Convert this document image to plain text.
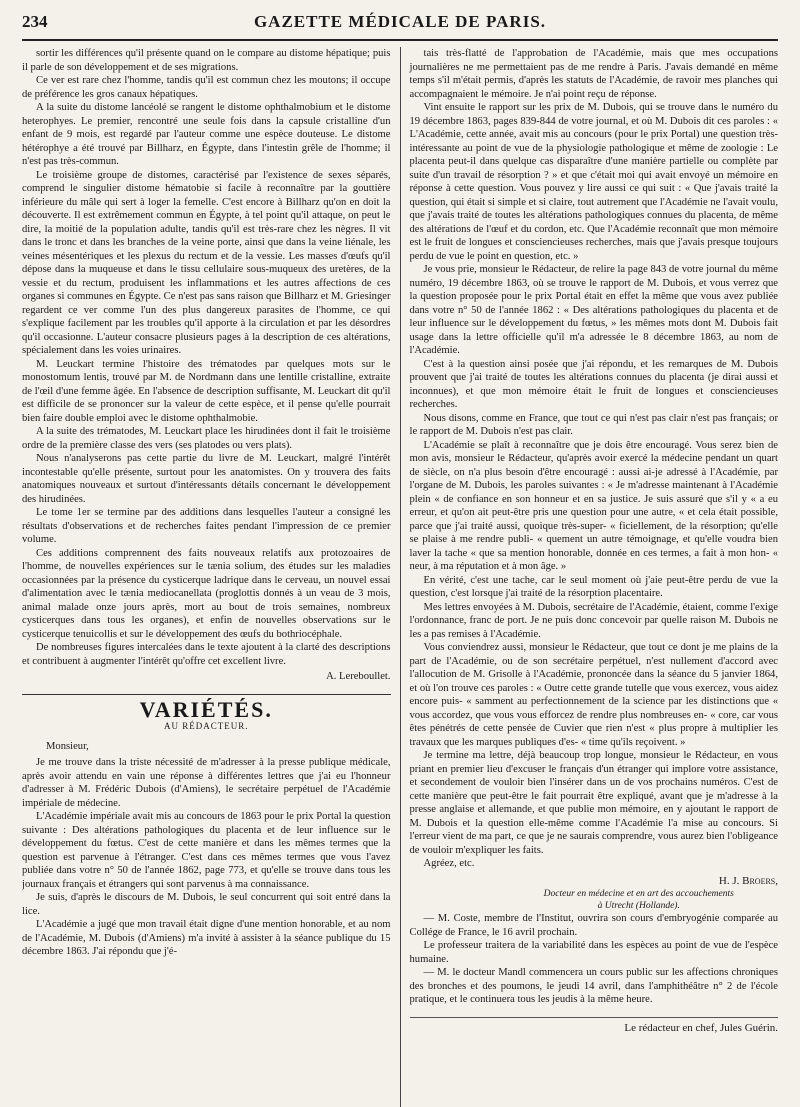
234	GAZETTE MÉDICALE DE PARIS.

sortir les différences qu'il présente quand on le compare au distome hépatique; puis il parle de son développement et de ses migrations.

Ce ver est rare chez l'homme, tandis qu'il est commun chez les moutons; il occupe de préférence les gros canaux hépatiques.

A la suite du distome lancéolé se rangent le distome ophthalmobium et le distome heterophyes. Le premier, rencontré une seule fois dans la capsule cristalline d'un enfant de 9 mois, est regardé par l'auteur comme une espèce douteuse. Le distome hétérophye a été trouvé par Billharz, en Égypte, dans l'intestin grêle de l'homme; il n'est pas très-commun.

Le troisième groupe de distomes, caractérisé par l'existence de sexes séparés, comprend le singulier distome hématobie si facile à reconnaître par la gouttière inférieure du mâle qui sert à loger la femelle. C'est encore à Billharz qu'on en doit la découverte. Il est extrêmement commun en Égypte, à tel point qu'il attaque, on peut le dire, la moitié de la population adulte, tandis qu'il est très-rare chez les nègres. Il vit dans le tronc et dans les branches de la veine porte, ainsi que dans la veine liénale, les veines mésentériques et les plexus du rectum et de la vessie. Les masses d'œufs qu'il dépose dans la muqueuse et dans le tissu cellulaire sous-muqueux des uretères, de la vessie et du rectum, produisent les inflammations et les autres affections de ces organes si communes en Égypte. Ce n'est pas sans raison que Billharz et M. Griesinger regardent ce ver comme l'un des plus dangereux parasites de l'homme, ce qui s'explique facilement par les troubles qu'il apporte à la circulation et par les désordres qu'il occasionne. L'auteur consacre plusieurs pages à la description de ces altérations, spécialement dans les voies urinaires.

M. Leuckart termine l'histoire des trématodes par quelques mots sur le monostomum lentis, trouvé par M. de Nordmann dans une lentille cristalline, extraite de l'œil d'une femme âgée. En l'absence de description suffisante, M. Leuckart dit qu'il est difficile de se prononcer sur la valeur de cette espèce, et il pense qu'elle pourrait bien faire double emploi avec le distome ophthalmobie.

A la suite des trématodes, M. Leuckart place les hirudinées dont il fait le troisième ordre de la première classe des vers (ses platodes ou vers plats).

Nous n'analyserons pas cette partie du livre de M. Leuckart, malgré l'intérêt incontestable qu'elle présente, surtout pour les anatomistes. On y trouvera des faits anatomiques nouveaux et surtout d'intéressants détails concernant le développement des hirudinées.

Le tome 1er se termine par des additions dans lesquelles l'auteur a consigné les résultats d'observations et de recherches faites pendant l'impression de ce premier volume.

Ces additions comprennent des faits nouveaux relatifs aux protozoaires de l'homme, de nouvelles expériences sur le tænia solium, des études sur les maladies occasionnées par la présence du cysticerque ladrique dans le cerveau, un nouvel essai d'alimentation avec le tænia mediocanellata (proglottis donnés à un veau de 3 mois, animal malade onze jours après, mort au bout de trois semaines, nombreux cysticerques dans tous les organes), et enfin de nouvelles observations sur le cysticerque tenuicollis et sur le développement des œufs du bothriocéphale.

De nombreuses figures intercalées dans le texte ajoutent à la clarté des descriptions et contribuent à augmenter l'intérêt qu'offre cet excellent livre.

A. Lereboullet.
VARIÉTÉS.
AU RÉDACTEUR.

Monsieur,

Je me trouve dans la triste nécessité de m'adresser à la presse publique médicale, après avoir attendu en vain une réponse à différentes lettres que j'ai eu l'honneur d'adresser à M. Frédéric Dubois (d'Amiens), le secrétaire perpétuel de l'Académie impériale de médecine.

L'Académie impériale avait mis au concours de 1863 pour le prix Portal la question suivante : Des altérations pathologiques du placenta et de leur influence sur le développement du fœtus. C'est de cette manière et dans les mêmes termes que la question est parvenue à l'étranger. C'est dans ces mêmes termes que vous l'avez publiée dans votre n° 50 de l'année 1862, page 773, et qu'elle se trouve dans tous les journaux français et étrangers qui sont parvenus à ma connaissance.

Je suis, d'après le discours de M. Dubois, le seul concurrent qui soit entré dans la lice.

L'Académie a jugé que mon travail était digne d'une mention honorable, et au nom de l'Académie, M. Dubois (d'Amiens) m'a invité à assister à la séance publique du 15 décembre 1863. J'ai répondu que j'é-

tais très-flatté de l'approbation de l'Académie, mais que mes occupations journalières ne me permettaient pas de me rendre à Paris. J'avais demandé en même temps s'il m'était permis, d'après les statuts de l'Académie, de ravoir mes planches qui accompagnaient le mémoire. Je n'ai point reçu de réponse.

Vint ensuite le rapport sur les prix de M. Dubois, qui se trouve dans le numéro du 19 décembre 1863, pages 839-844 de votre journal, et où M. Dubois dit ces paroles : « L'Académie, cette année, avait mis au concours (pour le prix Portal) une question très-intéressante au point de vue de la physiologie pathologique et même de zoologie : Le placenta peut-il dans quelque cas disparaître d'une manière partielle ou complète par suite d'un travail de résorption ? » et que c'était moi qui avait envoyé un mémoire en réponse à cette question. Vous pouvez y lire aussi ce qui suit : « Que j'avais traité la question, qui était si simple et si claire, tout autrement que l'Académie ne l'avait voulu, que j'avais traité de toutes les altérations pathologiques connues du placenta, de même des altérations de l'œuf et du cordon, etc. Que l'Académie reconnaît que mon mémoire est le fruit de longues et consciencieuses recherches, mais que j'avais presque toujours perdu de vue le point en question, etc. »

Je vous prie, monsieur le Rédacteur, de relire la page 843 de votre journal du même numéro, 19 décembre 1863, où se trouve le rapport de M. Dubois, et vous verrez que la question proposée pour le prix Portal était en effet la même que vous avez publiée dans votre n° 50 de l'année 1862 : « Des altérations pathologiques du placenta et de leur influence sur le développement du fœtus, » les mêmes mots dont M. Dubois fait usage dans la lettre officielle qu'il m'a adressée le 8 décembre 1863, au nom de l'Académie.

C'est à la question ainsi posée que j'ai répondu, et les remarques de M. Dubois prouvent que j'ai traité de toutes les altérations connues du placenta (je dirai aussi et inconnues), et que mon mémoire était le fruit de longues et consciencieuses recherches.

Nous disons, comme en France, que tout ce qui n'est pas clair n'est pas français; or le rapport de M. Dubois n'est pas clair.

L'Académie se plaît à reconnaître que je dois être encouragé. Vous serez bien de mon avis, monsieur le Rédacteur, qu'après avoir exercé la médecine pendant un quart de siècle, on n'a plus besoin d'être encouragé : aussi ai-je adressé à l'Académie, par l'organe de M. Dubois, les paroles suivantes : « Je m'adresse maintenant à l'Académie plein « de confiance en son honneur et en sa justice. Je suis assuré que s'il y « a eu erreur, et qu'on ait peut-être pris une question pour une autre, « et cela était possible, parce que j'ai traité aussi, quoique très-super- « ficiellement, de la résorption; qu'elle se plaise à me rendre publi- « quement un autre témoignage, et qu'elle voudra bien laver la tache « que sa mention honorable, donnée en ces termes, a fait à mon hon- « neur, à ma réputation et à mon âge. »

En vérité, c'est une tache, car le seul moment où j'aie peut-être perdu de vue la question, c'est lorsque j'ai traité de la résorption placentaire.

Mes lettres envoyées à M. Dubois, secrétaire de l'Académie, étaient, comme l'exige l'ordonnance, franc de port. Je ne puis donc concevoir par quelle raison M. Dubois ne les a pas remises à l'Académie.

Vous conviendrez aussi, monsieur le Rédacteur, que tout ce dont je me plains de la part de l'Académie, ou de son secrétaire perpétuel, n'est nullement d'accord avec l'allocution de M. Grisolle à l'Académie, prononcée dans la séance du 5 janvier 1864, et où l'on trouve ces paroles : « Outre cette grande tutelle que vous exercez, vous aidez encore puis- « samment au perfectionnement de la science par les distinctions que « vous accordez, que vous vous efforcez de rendre plus nombreuses en- « core, car vous êtes pénétrés de cette pensée de Cuvier que rien n'est « plus propre à multiplier les travaux que les marques publiques d'es- « time qu'ils reçoivent. »

Je termine ma lettre, déjà beaucoup trop longue, monsieur le Rédacteur, en vous priant en premier lieu d'excuser le français d'un étranger qui implore votre assistance, et secondement de vouloir bien l'insérer dans un de vos prochains numéros. C'est de cette manière que peut-être le fait pourrait être expliqué, avant que je m'adresse à la presse anglaise et allemande, et que publie mon mémoire, en y ajoutant le rapport de M. Dubois et la question elle-même comme l'Académie l'a mise au concours. Si l'erreur vient de ma part, ce que je ne saurais comprendre, vous aurez bien l'obligeance de vouloir m'expliquer les faits.

Agréez, etc.

H. J. Broers,
Docteur en médecine et en art des accouchements
à Utrecht (Hollande).

— M. Coste, membre de l'Institut, ouvrira son cours d'embryogénie comparée au Collége de France, le 16 avril prochain.

Le professeur traitera de la variabilité dans les espèces au point de vue de l'espèce humaine.

— M. le docteur Mandl commencera un cours public sur les affections chroniques des bronches et des poumons, le jeudi 14 avril, dans l'amphithéâtre n° 2 de l'école pratique, et le continuera tous les jeudis à la même heure.

Le rédacteur en chef, Jules Guérin.
